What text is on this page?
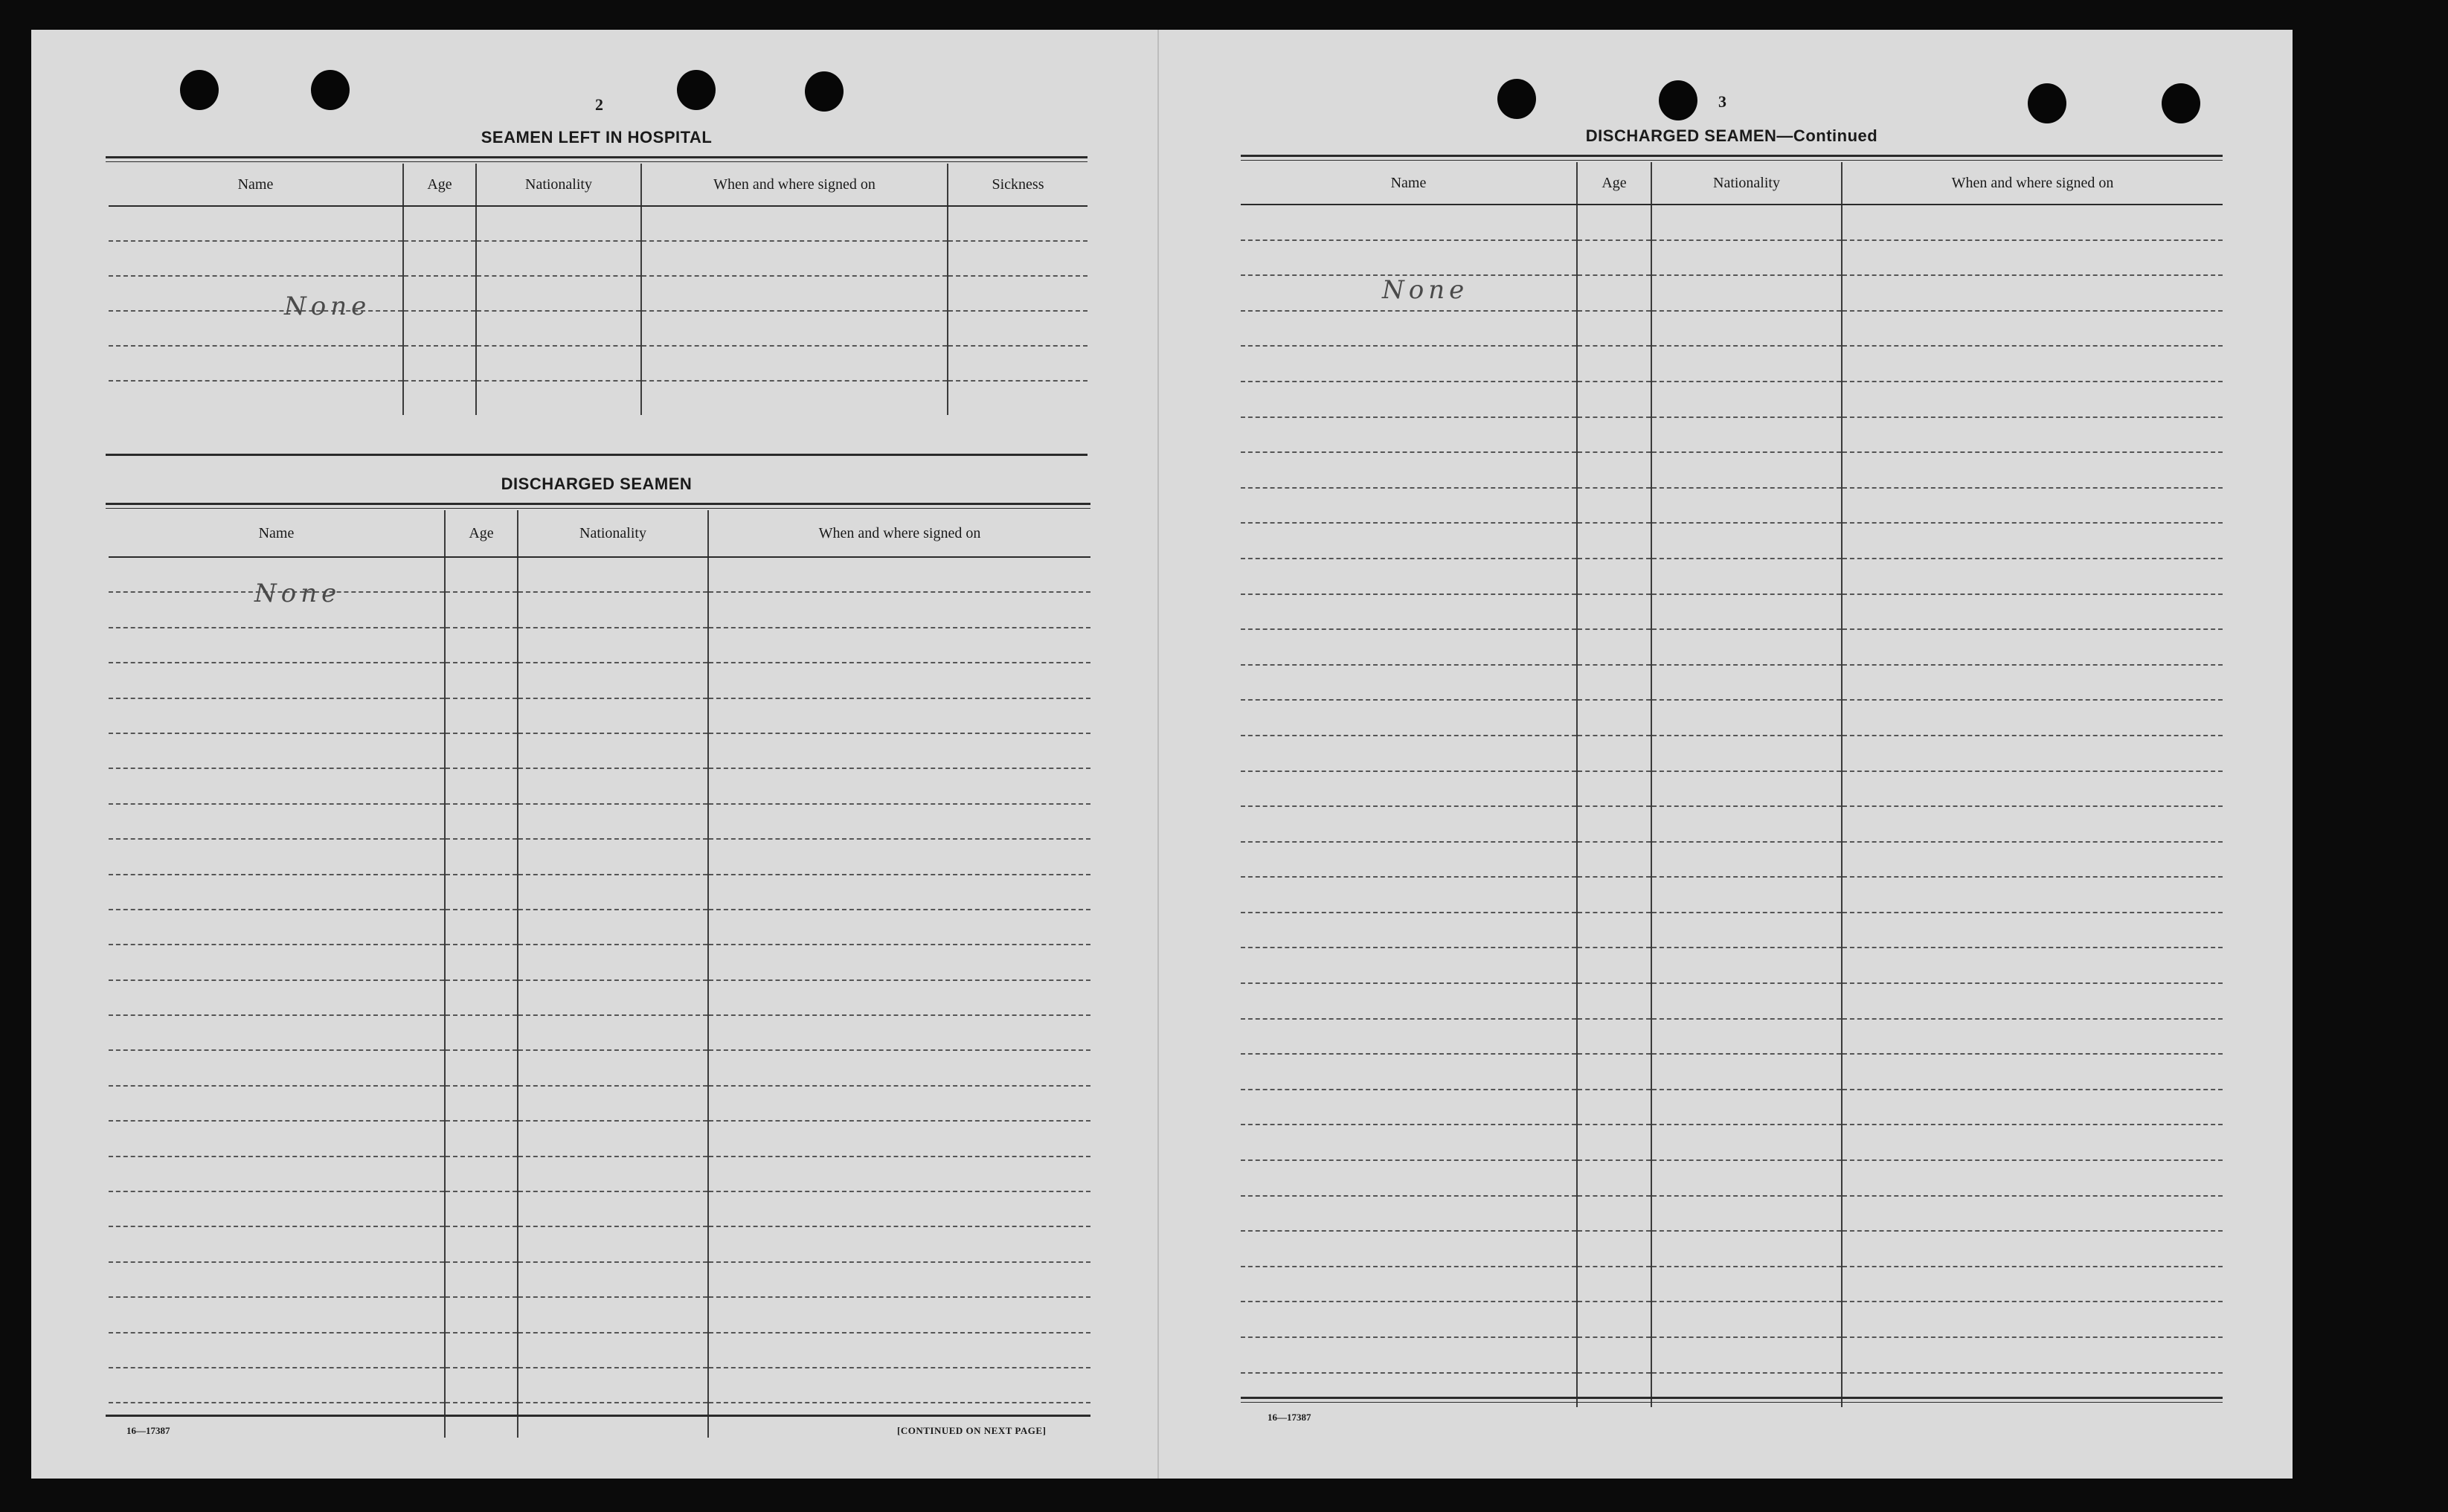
2
SEAMEN LEFT IN HOSPITAL
Name	Age	Nationality	When and where signed on	Sickness

None
DISCHARGED SEAMEN
Name	Age	Nationality	When and where signed on

None
16—17387	[CONTINUED ON NEXT PAGE]
3
DISCHARGED SEAMEN—Continued
Name	Age	Nationality	When and where signed on

None
16—17387
